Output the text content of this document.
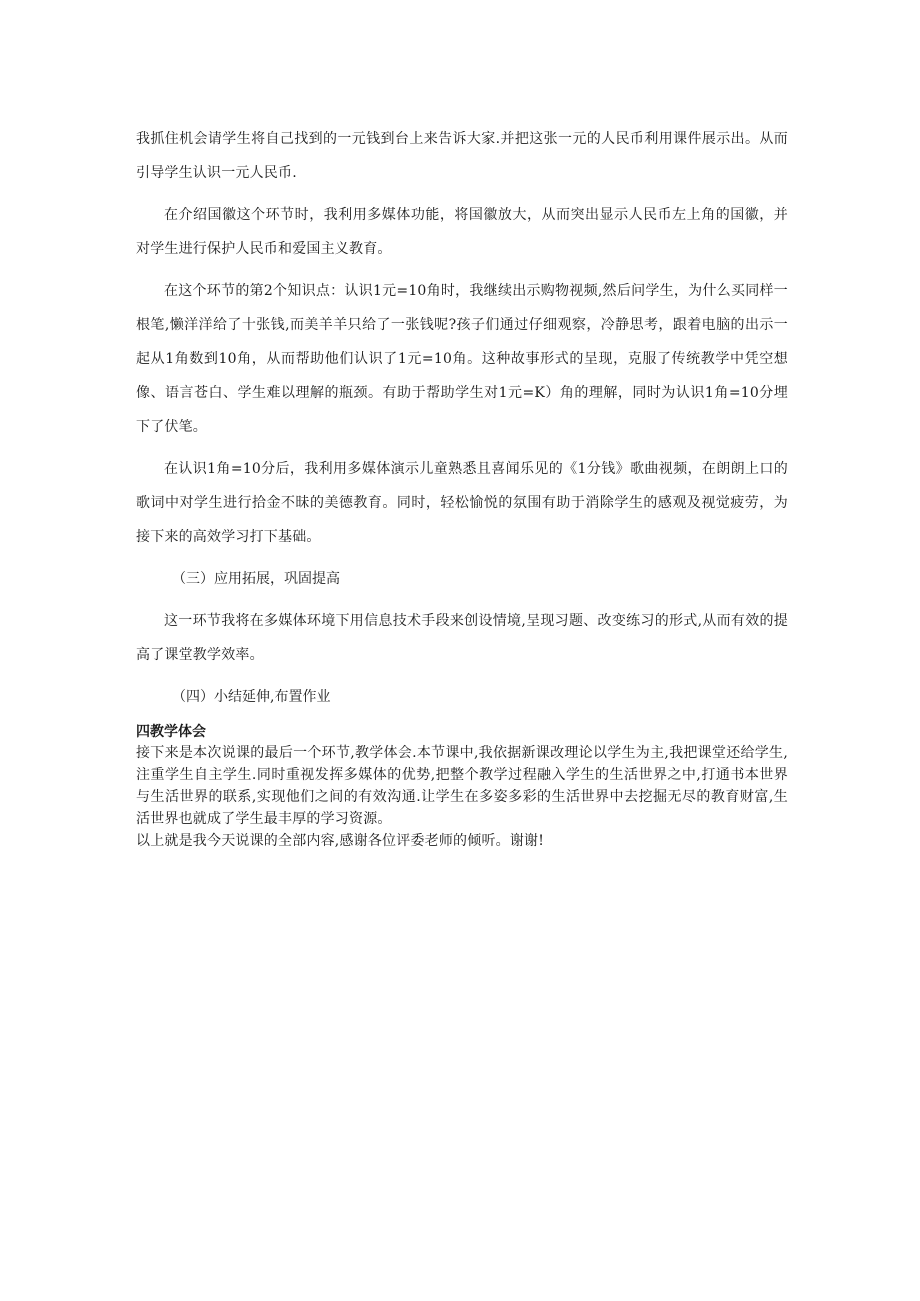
我抓住机会请学生将自己找到的一元钱到台上来告诉大家.并把这张一元的人民币利用课件展示出。从而引导学生认识一元人民币.

在介绍国徽这个环节时，我利用多媒体功能，将国徽放大，从而突出显示人民币左上角的国徽，并对学生进行保护人民币和爱国主义教育。

在这个环节的第2个知识点：认识1元=10角时，我继续出示购物视频,然后问学生，为什么买同样一根笔,懒洋洋给了十张钱,而美羊羊只给了一张钱呢?孩子们通过仔细观察，冷静思考，跟着电脑的出示一起从1角数到10角，从而帮助他们认识了1元=10角。这种故事形式的呈现，克服了传统教学中凭空想像、语言苍白、学生难以理解的瓶颈。有助于帮助学生对1元=K）角的理解，同时为认识1角=10分埋下了伏笔。

在认识1角=10分后，我利用多媒体演示儿童熟悉且喜闻乐见的《1分钱》歌曲视频，在朗朗上口的歌词中对学生进行拾金不昧的美德教育。同时，轻松愉悦的氛围有助于消除学生的感观及视觉疲劳，为接下来的高效学习打下基础。

（三）应用拓展，巩固提高

这一环节我将在多媒体环境下用信息技术手段来创设情境,呈现习题、改变练习的形式,从而有效的提高了课堂教学效率。

（四）小结延伸,布置作业

四教学体会

接下来是本次说课的最后一个环节,教学体会.本节课中,我依据新课改理论以学生为主,我把课堂还给学生,注重学生自主学生.同时重视发挥多媒体的优势,把整个教学过程融入学生的生活世界之中,打通书本世界与生活世界的联系,实现他们之间的有效沟通.让学生在多姿多彩的生活世界中去挖掘无尽的教育财富,生活世界也就成了学生最丰厚的学习资源。

以上就是我今天说课的全部内容,感谢各位评委老师的倾听。谢谢!
